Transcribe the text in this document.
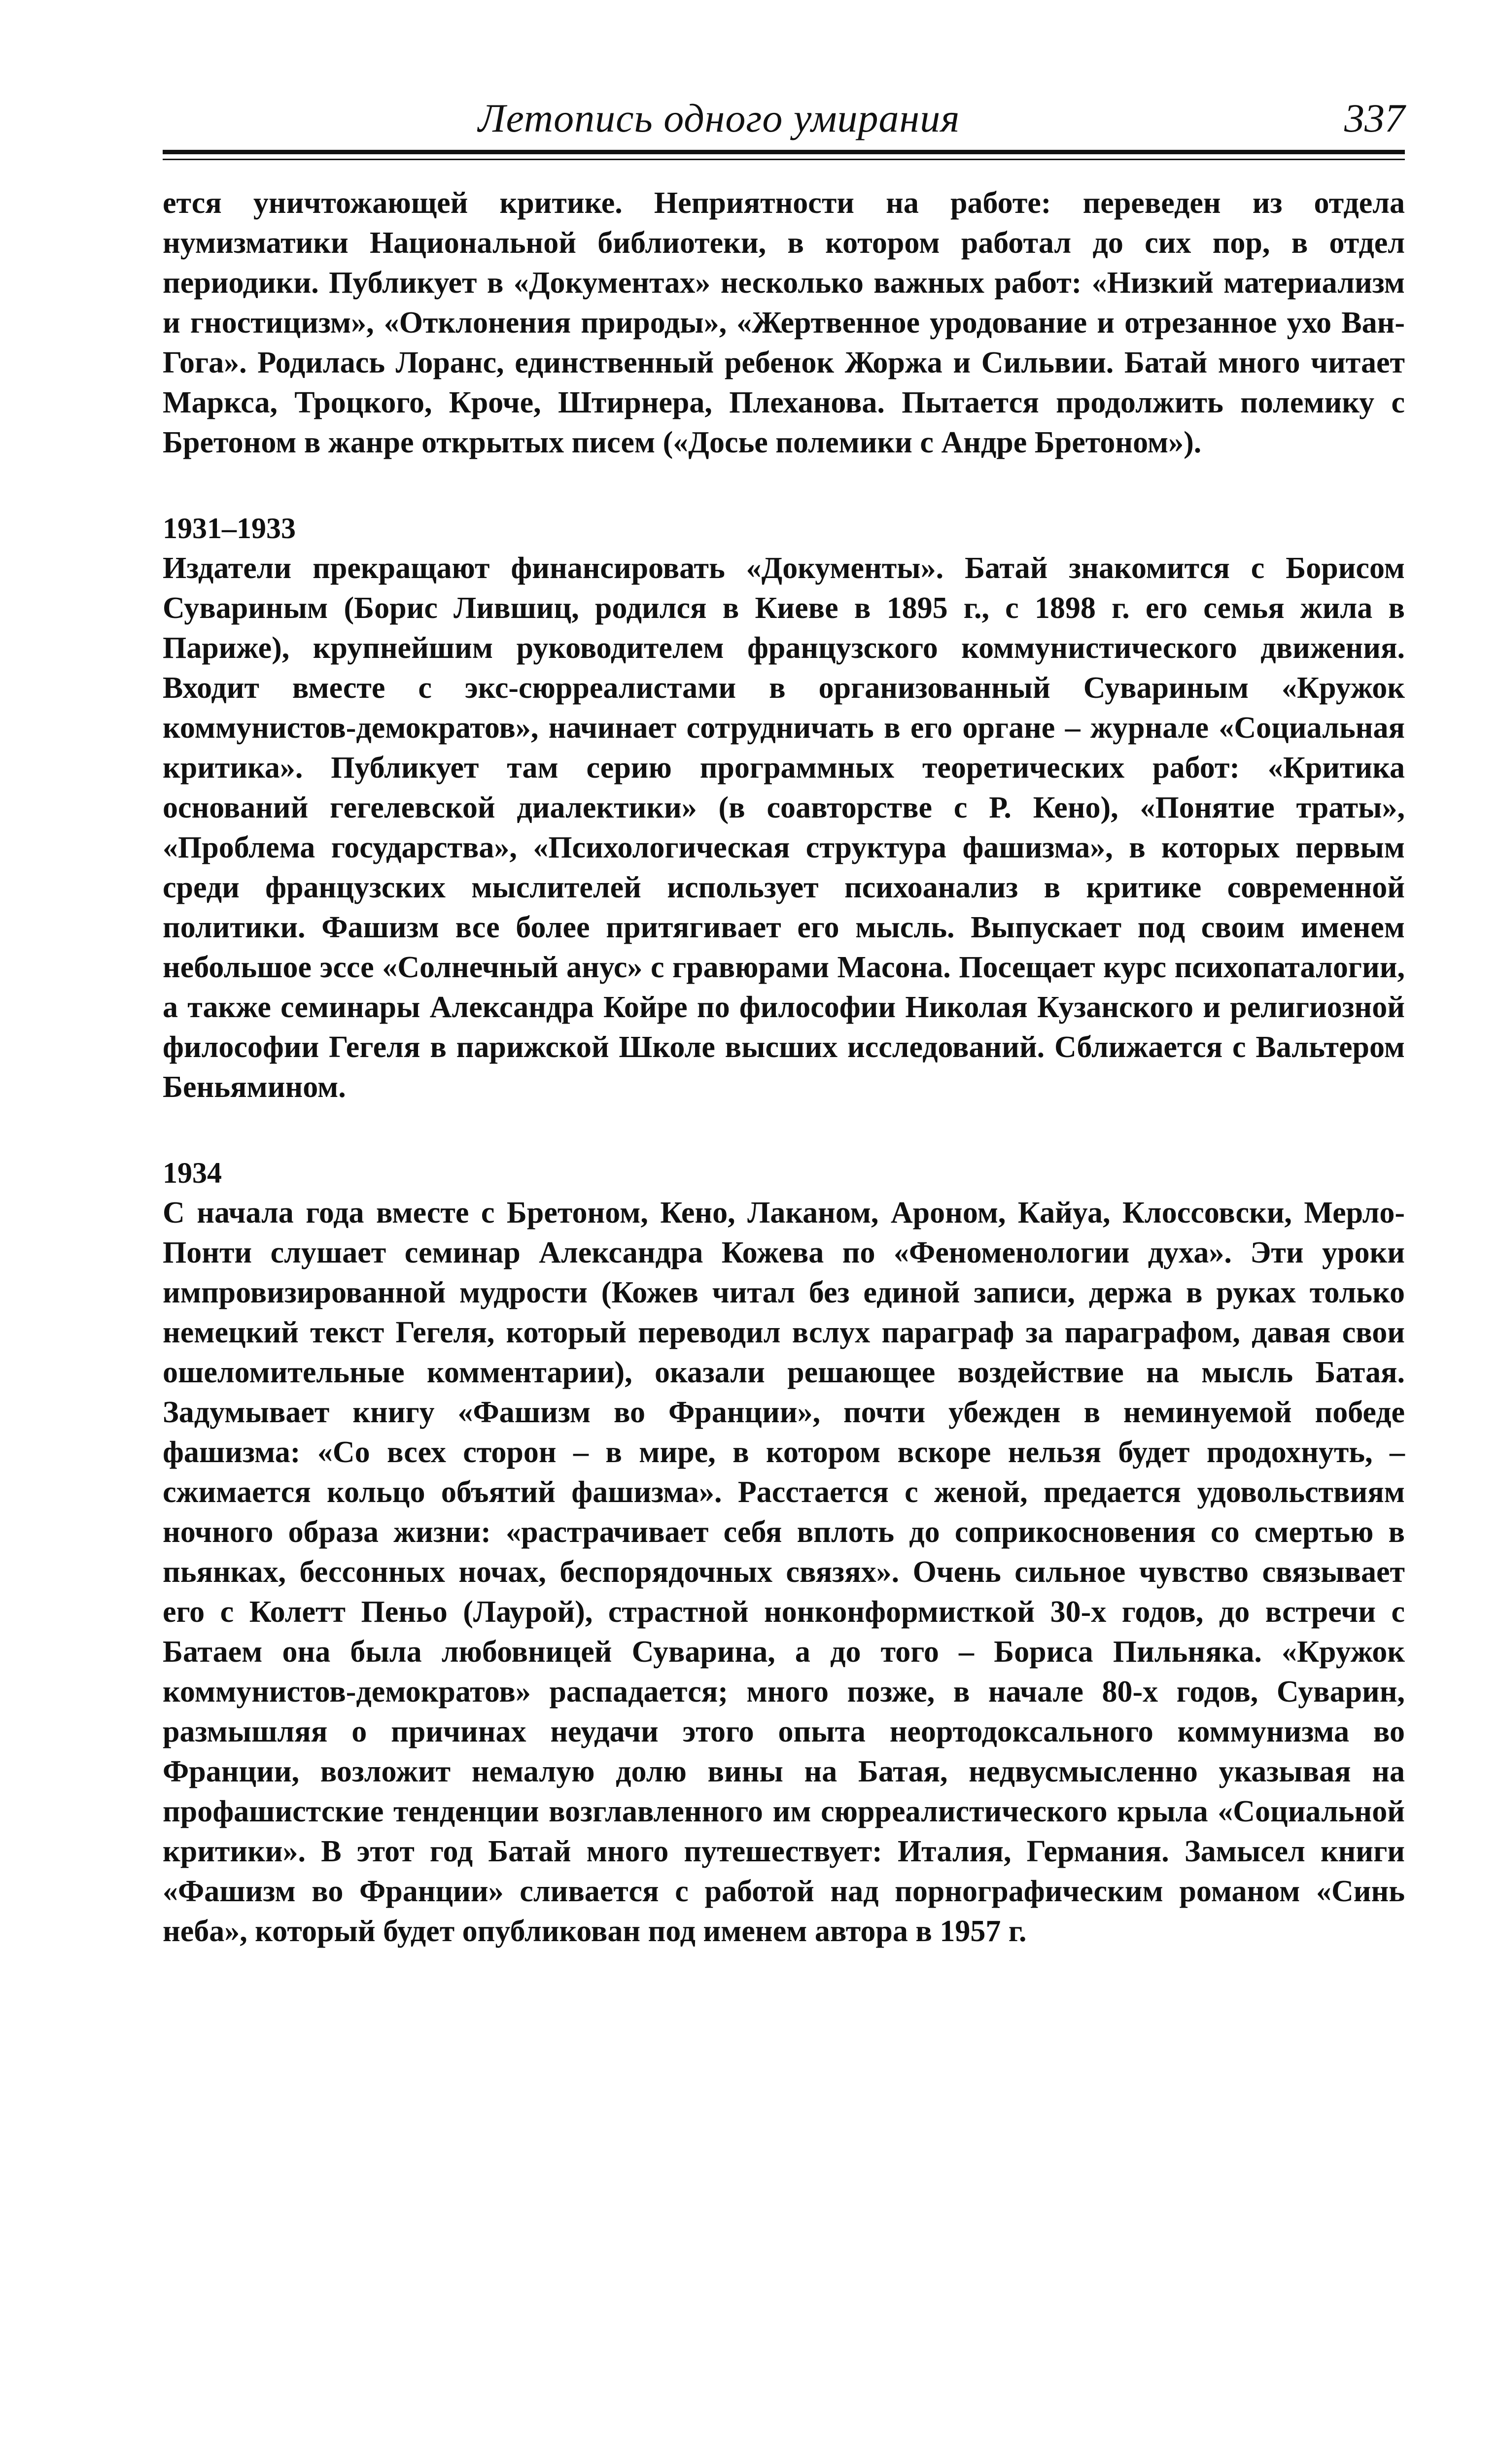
Летопись одного умирания	337

ется уничтожающей критике. Неприятности на работе: переведен из отдела нумизматики Национальной библиотеки, в котором работал до сих пор, в отдел периодики. Публикует в «Документах» несколько важных работ: «Низкий материализм и гностицизм», «Отклонения природы», «Жертвенное уродование и отрезанное ухо Ван-Гога». Родилась Лоранс, единственный ребенок Жоржа и Сильвии. Батай много читает Маркса, Троцкого, Кроче, Штирнера, Плеханова. Пытается продолжить полемику с Бретоном в жанре открытых писем («Досье полемики с Андре Бретоном»).

1931–1933

Издатели прекращают финансировать «Документы». Батай знакомится с Борисом Сувариным (Борис Лившиц, родился в Киеве в 1895 г., с 1898 г. его семья жила в Париже), крупнейшим руководителем французского коммунистического движения. Входит вместе с экс-сюрреалистами в организованный Сувариным «Кружок коммунистов-демократов», начинает сотрудничать в его органе – журнале «Социальная критика». Публикует там серию программных теоретических работ: «Критика оснований гегелевской диалектики» (в соавторстве с Р. Кено), «Понятие траты», «Проблема государства», «Психологическая структура фашизма», в которых первым среди французских мыслителей использует психоанализ в критике современной политики. Фашизм все более притягивает его мысль. Выпускает под своим именем небольшое эссе «Солнечный анус» с гравюрами Масона. Посещает курс психопаталогии, а также семинары Александра Койре по философии Николая Кузанского и религиозной философии Гегеля в парижской Школе высших исследований. Сближается с Вальтером Беньямином.

1934

С начала года вместе с Бретоном, Кено, Лаканом, Ароном, Кайуа, Клоссовски, Мерло-Понти слушает семинар Александра Кожева по «Феноменологии духа». Эти уроки импровизированной мудрости (Кожев читал без единой записи, держа в руках только немецкий текст Гегеля, который переводил вслух параграф за параграфом, давая свои ошеломительные комментарии), оказали решающее воздействие на мысль Батая. Задумывает книгу «Фашизм во Франции», почти убежден в неминуемой победе фашизма: «Со всех сторон – в мире, в котором вскоре нельзя будет продохнуть, – сжимается кольцо объятий фашизма». Расстается с женой, предается удовольствиям ночного образа жизни: «растрачивает себя вплоть до соприкосновения со смертью в пьянках, бессонных ночах, беспорядочных связях». Очень сильное чувство связывает его с Колетт Пеньо (Лаурой), страстной нонконформисткой 30-х годов, до встречи с Батаем она была любовницей Суварина, а до того – Бориса Пильняка. «Кружок коммунистов-демократов» распадается; много позже, в начале 80-х годов, Суварин, размышляя о причинах неудачи этого опыта неортодоксального коммунизма во Франции, возложит немалую долю вины на Батая, недвусмысленно указывая на профашистские тенденции возглавленного им сюрреалистического крыла «Социальной критики». В этот год Батай много путешествует: Италия, Германия. Замысел книги «Фашизм во Франции» сливается с работой над порнографическим романом «Синь неба», который будет опубликован под именем автора в 1957 г.
